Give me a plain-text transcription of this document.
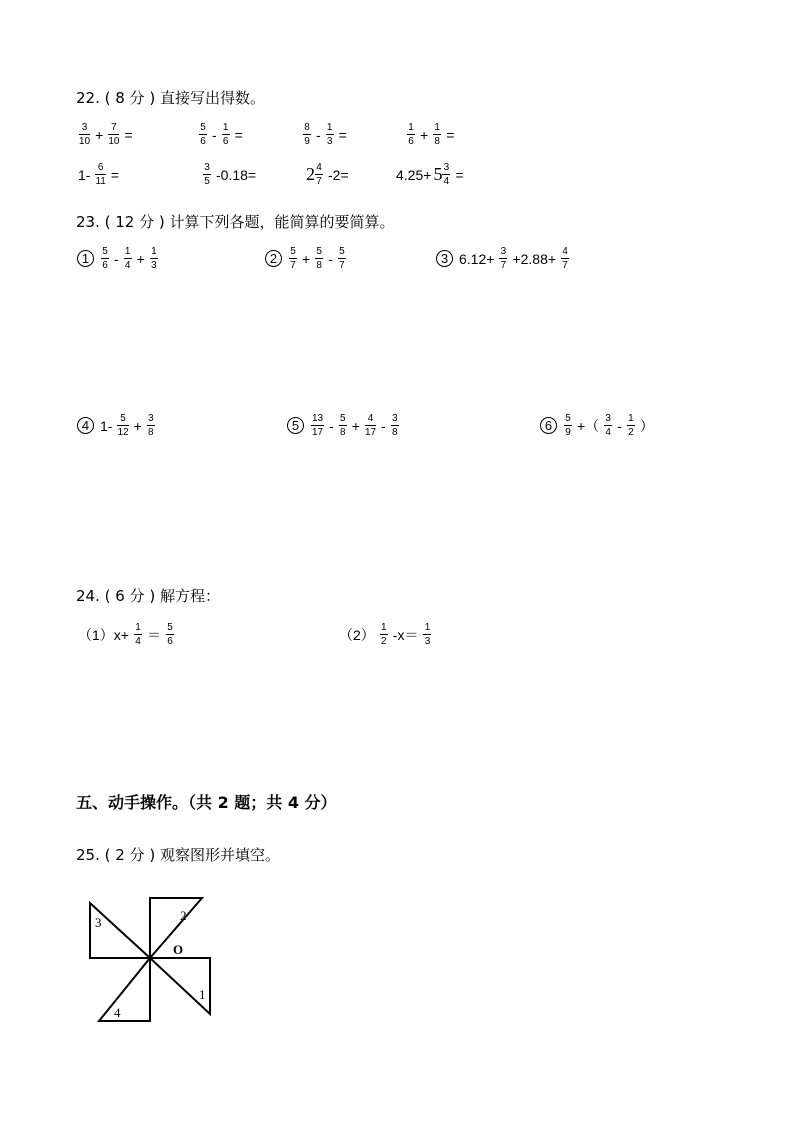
22. ( 8 分 ) 直接写出得数。
$\frac{3}{10} + \frac{7}{10}$ =	$\frac{5}{6} - \frac{1}{6}$ =	$\frac{8}{9} - \frac{1}{3}$ =	$\frac{1}{6} + \frac{1}{8}$ =
$1- \frac{6}{11}$ =	$\frac{3}{5} -0.18=$	$2 \frac{4}{7} -2=$	$4.25+ 5 \frac{3}{4}$ =
23. ( 12 分 ) 计算下列各题，能简算的要简算。
1	$\frac{5}{6} - \frac{1}{4} + \frac{1}{3}$	2	$\frac{5}{7} + \frac{5}{8} - \frac{5}{7}$	3 $6.12+ \frac{3}{7} +2.88+ \frac{4}{7}$
4 $1- \frac{5}{12} + \frac{3}{8}$	5	$\frac{13}{17} - \frac{5}{8} + \frac{4}{17} - \frac{3}{8}$	6	$\frac{5}{9}$ +（ $\frac{3}{4} - \frac{1}{2}$ ）
24. ( 6 分 ) 解方程：
$(1)x+ \frac{1}{4} = \frac{5}{6}$	$(2) \frac{1}{2} -x= \frac{1}{3}$
五、动手操作。（共 2 题；共 4 分）
25. ( 2 分 ) 观察图形并填空。
3	2
O
1
4
